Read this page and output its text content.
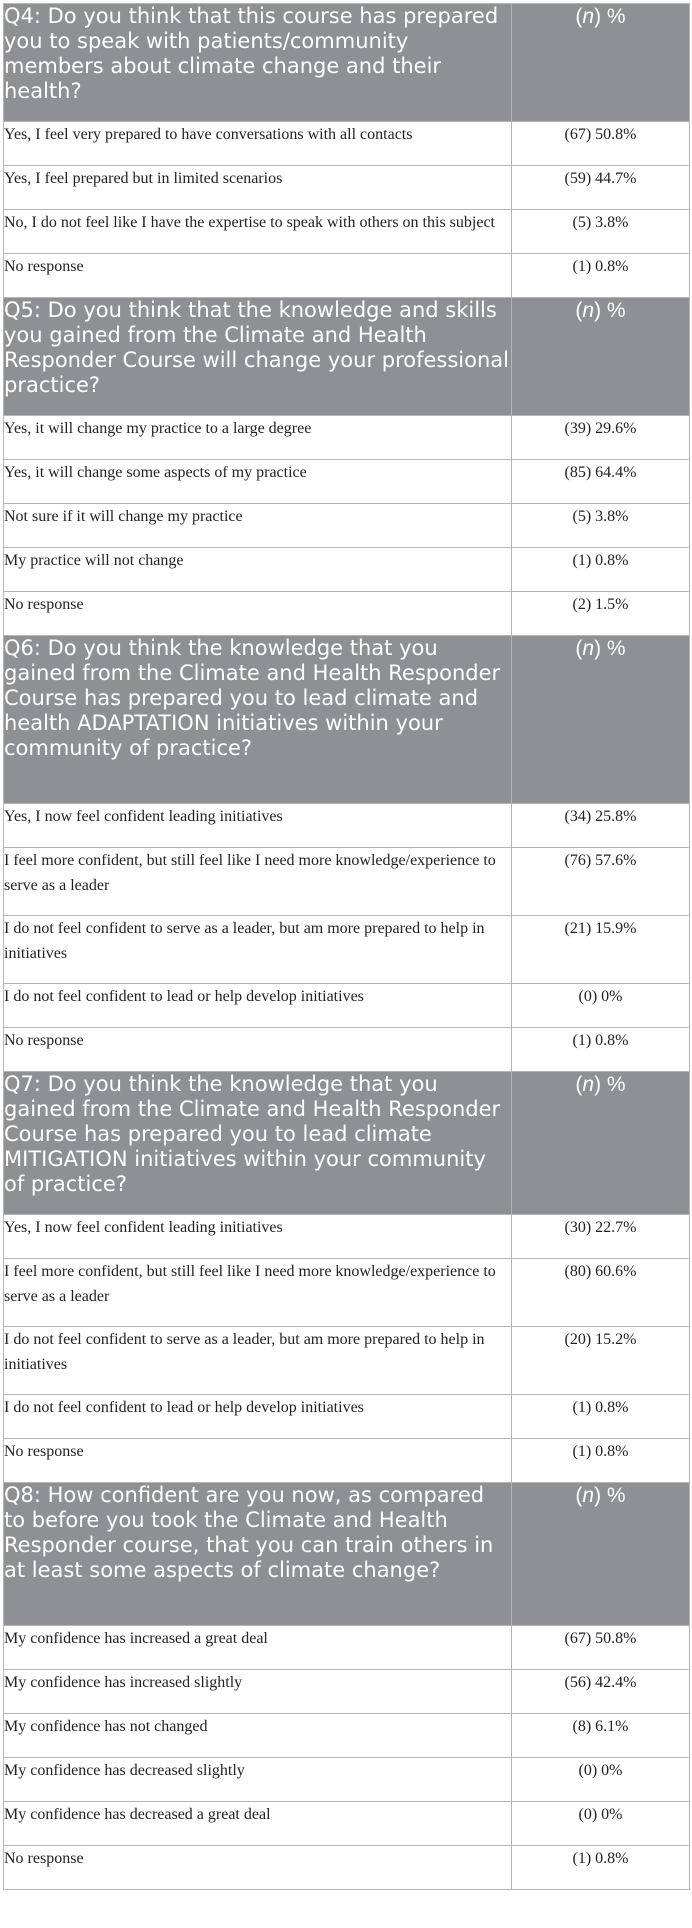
Q4: Do you think that this course has prepared you to speak with patients/community members about climate change and their health?	(n) %
Yes, I feel very prepared to have conversations with all contacts	(67) 50.8%
Yes, I feel prepared but in limited scenarios	(59) 44.7%
No, I do not feel like I have the expertise to speak with others on this subject	(5) 3.8%
No response	(1) 0.8%
Q5: Do you think that the knowledge and skills you gained from the Climate and Health Responder Course will change your professional practice?	(n) %
Yes, it will change my practice to a large degree	(39) 29.6%
Yes, it will change some aspects of my practice	(85) 64.4%
Not sure if it will change my practice	(5) 3.8%
My practice will not change	(1) 0.8%
No response	(2) 1.5%
Q6: Do you think the knowledge that you gained from the Climate and Health Responder Course has prepared you to lead climate and health ADAPTATION initiatives within your community of practice?	(n) %
Yes, I now feel confident leading initiatives	(34) 25.8%
I feel more confident, but still feel like I need more knowledge/experience to serve as a leader	(76) 57.6%
I do not feel confident to serve as a leader, but am more prepared to help in initiatives	(21) 15.9%
I do not feel confident to lead or help develop initiatives	(0) 0%
No response	(1) 0.8%
Q7: Do you think the knowledge that you gained from the Climate and Health Responder Course has prepared you to lead climate MITIGATION initiatives within your community of practice?	(n) %
Yes, I now feel confident leading initiatives	(30) 22.7%
I feel more confident, but still feel like I need more knowledge/experience to serve as a leader	(80) 60.6%
I do not feel confident to serve as a leader, but am more prepared to help in initiatives	(20) 15.2%
I do not feel confident to lead or help develop initiatives	(1) 0.8%
No response	(1) 0.8%
Q8: How confident are you now, as compared to before you took the Climate and Health Responder course, that you can train others in at least some aspects of climate change?	(n) %
My confidence has increased a great deal	(67) 50.8%
My confidence has increased slightly	(56) 42.4%
My confidence has not changed	(8) 6.1%
My confidence has decreased slightly	(0) 0%
My confidence has decreased a great deal	(0) 0%
No response	(1) 0.8%
